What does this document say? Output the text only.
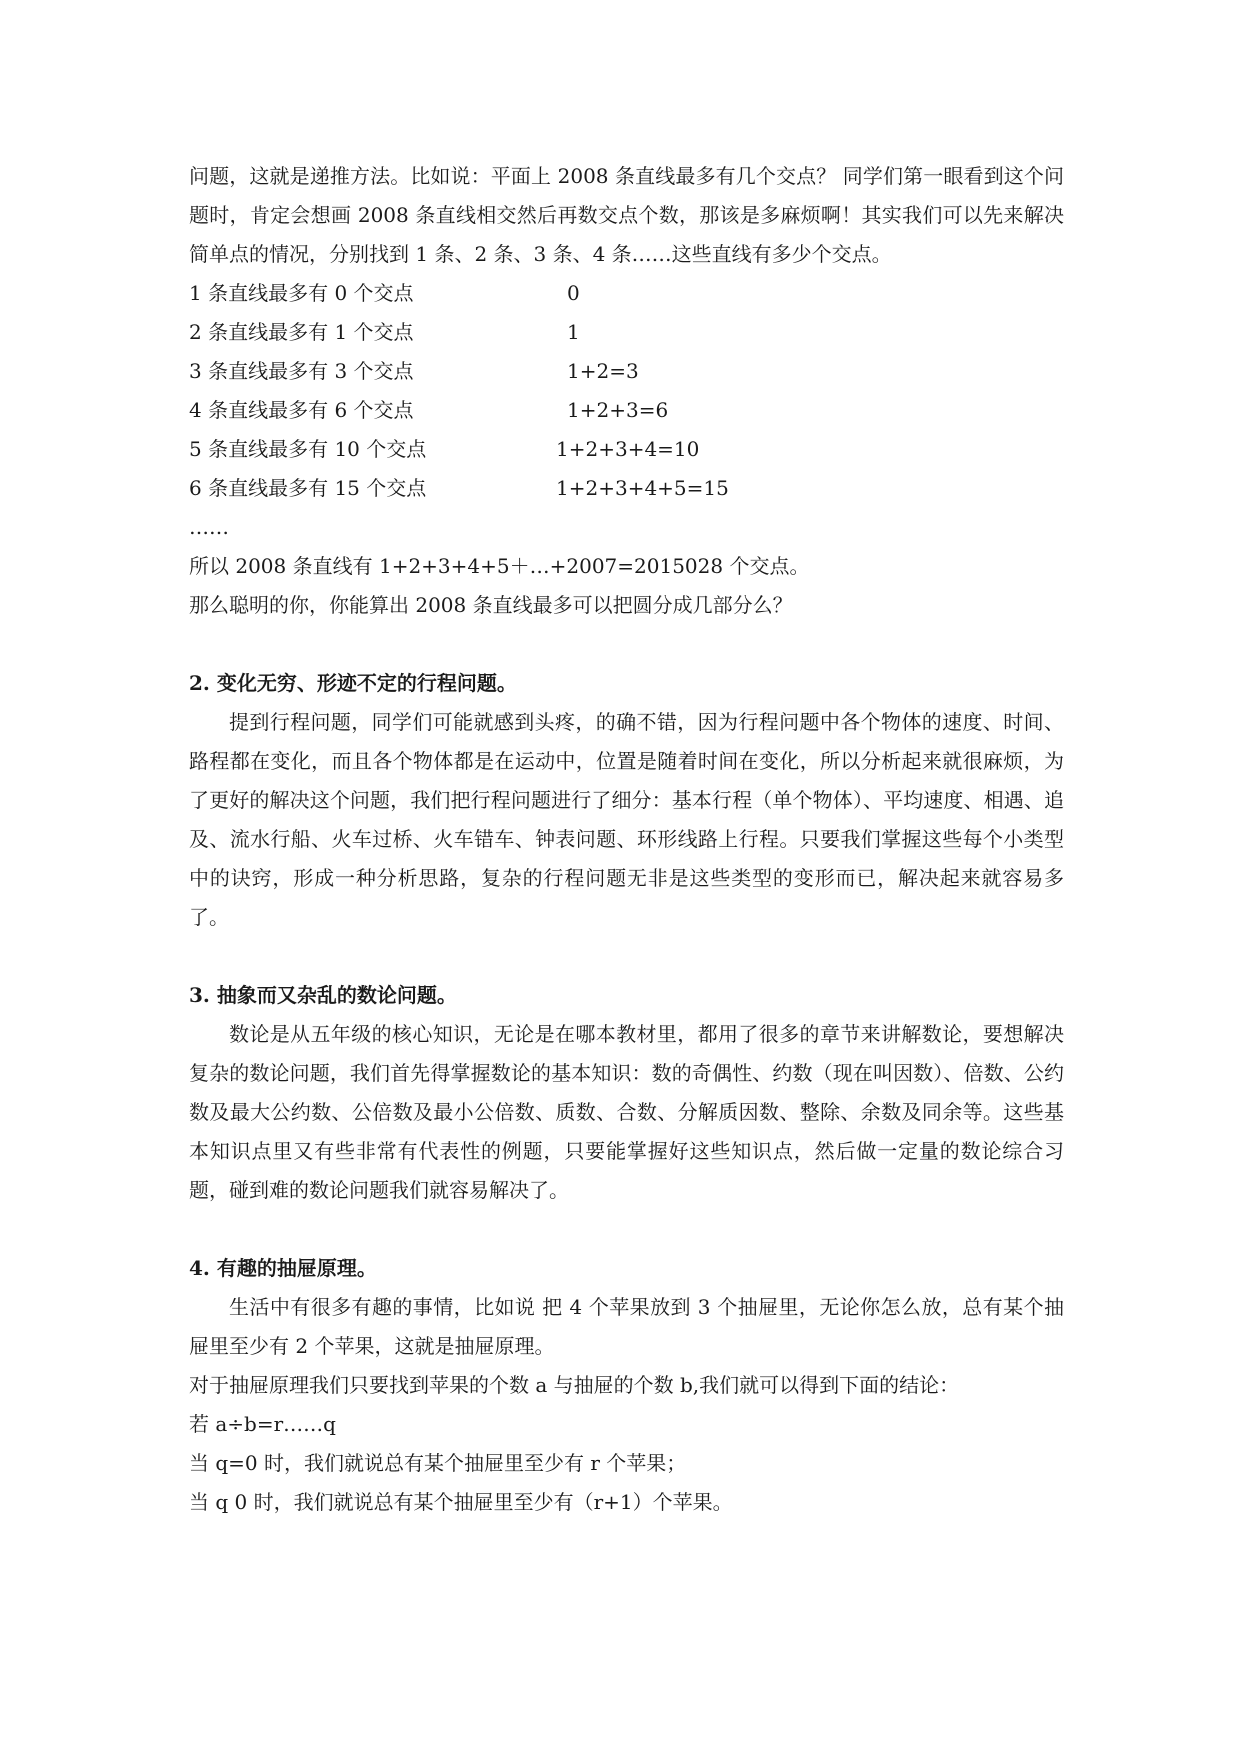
问题，这就是递推方法。比如说：平面上 2008 条直线最多有几个交点？ 同学们第一眼看到这个问题时，肯定会想画 2008 条直线相交然后再数交点个数，那该是多麻烦啊！其实我们可以先来解决简单点的情况，分别找到 1 条、2 条、3 条、4 条……这些直线有多少个交点。

1 条直线最多有 0 个交点	0
2 条直线最多有 1 个交点	1
3 条直线最多有 3 个交点	1+2=3
4 条直线最多有 6 个交点	1+2+3=6
5 条直线最多有 10 个交点	1+2+3+4=10
6 条直线最多有 15 个交点	1+2+3+4+5=15
……
所以 2008 条直线有 1+2+3+4+5＋…+2007=2015028 个交点。
那么聪明的你，你能算出 2008 条直线最多可以把圆分成几部分么？
2. 变化无穷、形迹不定的行程问题。

提到行程问题，同学们可能就感到头疼，的确不错，因为行程问题中各个物体的速度、时间、路程都在变化，而且各个物体都是在运动中，位置是随着时间在变化，所以分析起来就很麻烦，为了更好的解决这个问题，我们把行程问题进行了细分：基本行程（单个物体）、平均速度、相遇、追及、流水行船、火车过桥、火车错车、钟表问题、环形线路上行程。只要我们掌握这些每个小类型中的诀窍，形成一种分析思路，复杂的行程问题无非是这些类型的变形而已，解决起来就容易多了。

3. 抽象而又杂乱的数论问题。

数论是从五年级的核心知识，无论是在哪本教材里，都用了很多的章节来讲解数论，要想解决复杂的数论问题，我们首先得掌握数论的基本知识：数的奇偶性、约数（现在叫因数）、倍数、公约数及最大公约数、公倍数及最小公倍数、质数、合数、分解质因数、整除、余数及同余等。这些基本知识点里又有些非常有代表性的例题，只要能掌握好这些知识点，然后做一定量的数论综合习题，碰到难的数论问题我们就容易解决了。

4. 有趣的抽屉原理。

生活中有很多有趣的事情，比如说 把 4 个苹果放到 3 个抽屉里，无论你怎么放，总有某个抽屉里至少有 2 个苹果，这就是抽屉原理。

对于抽屉原理我们只要找到苹果的个数 a 与抽屉的个数 b,我们就可以得到下面的结论：
若 a÷b=r……q
当 q=0 时，我们就说总有某个抽屉里至少有 r 个苹果；
当 q 0 时，我们就说总有某个抽屉里至少有（r+1）个苹果。
